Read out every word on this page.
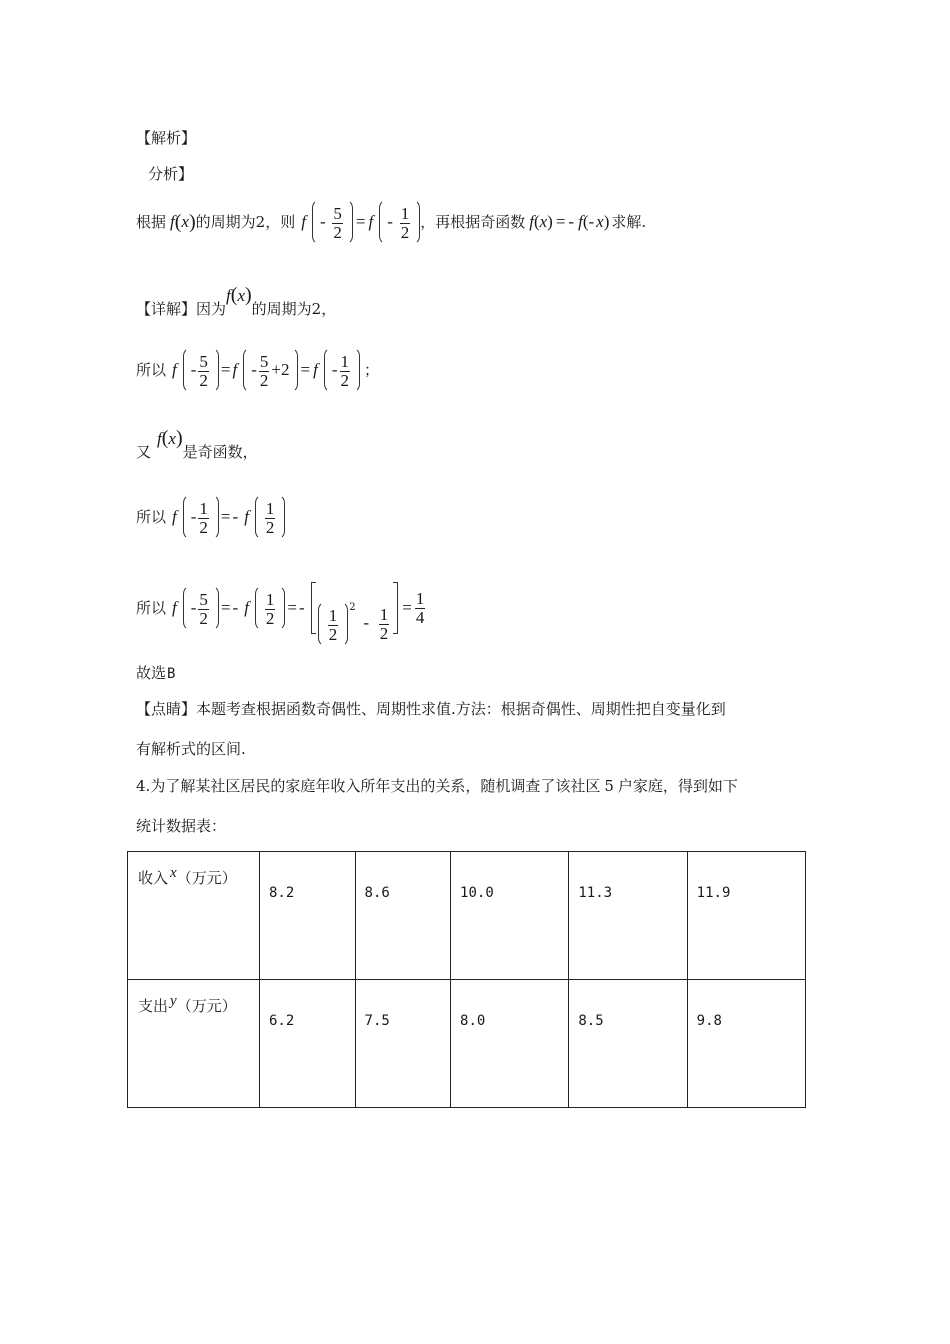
【解析】
分析】
根据 f ( x ) 的周期为 2 ，则 $f - \frac{5}{2} = f - \frac{1}{2}$ ，再根据奇函数 f ( x ) = - f ( - x ) 求解.
【详解】 因为
f(x)
的周期为 2 ，
所以 $f - \frac{5}{2} = f - \frac{5}{2} +2 = f - \frac{1}{2}$ ；
又
f(x)
是奇函数，
所以 f - $\frac{1}{2}$ = - f $\frac{1}{2}$
所以 f - $\frac{5}{2}$ = - f $\frac{1}{2}$ = - $\frac{1}{2} ^2 - \frac{1}{2} = \frac{1}{4}$
故选B
【点睛】本题考查根据函数奇偶性、周期性求值.方法：根据奇偶性、周期性把自变量化到
有解析式的区间.
4.为了解某社区居民的家庭年收入所年支出的关系，随机调查了该社区 5 户家庭，得到如下
统计数据表：
收入 $^x$（万元）	8.2	8.6	10.0	11.3	11.9
支出 $^y$（万元）	6.2	7.5	8.0	8.5	9.8
